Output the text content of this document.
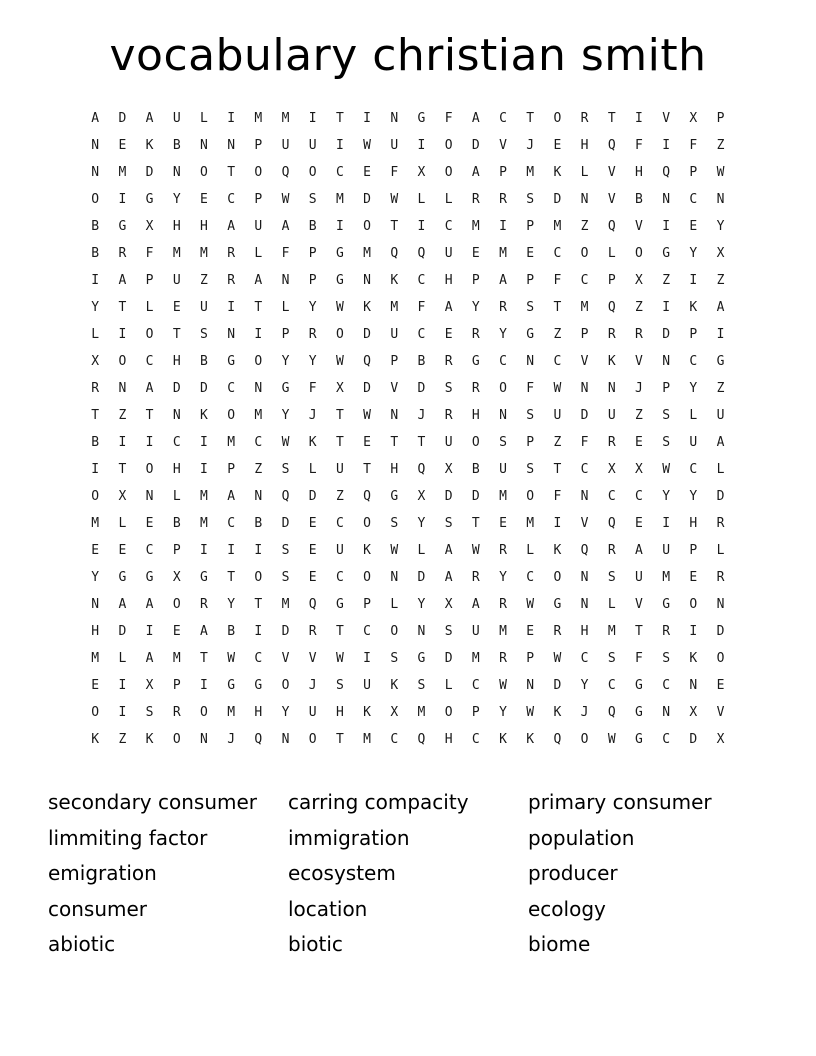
vocabulary christian smith
A	D	A	U	L	I	M	M	I	T	I	N	G	F	A	C	T	O	R	T	I	V	X	P
N	E	K	B	N	N	P	U	U	I	W	U	I	O	D	V	J	E	H	Q	F	I	F	Z
N	M	D	N	O	T	O	Q	O	C	E	F	X	O	A	P	M	K	L	V	H	Q	P	W
O	I	G	Y	E	C	P	W	S	M	D	W	L	L	R	R	S	D	N	V	B	N	C	N
B	G	X	H	H	A	U	A	B	I	O	T	I	C	M	I	P	M	Z	Q	V	I	E	Y
B	R	F	M	M	R	L	F	P	G	M	Q	Q	U	E	M	E	C	O	L	O	G	Y	X
I	A	P	U	Z	R	A	N	P	G	N	K	C	H	P	A	P	F	C	P	X	Z	I	Z
Y	T	L	E	U	I	T	L	Y	W	K	M	F	A	Y	R	S	T	M	Q	Z	I	K	A
L	I	O	T	S	N	I	P	R	O	D	U	C	E	R	Y	G	Z	P	R	R	D	P	I
X	O	C	H	B	G	O	Y	Y	W	Q	P	B	R	G	C	N	C	V	K	V	N	C	G
R	N	A	D	D	C	N	G	F	X	D	V	D	S	R	O	F	W	N	N	J	P	Y	Z
T	Z	T	N	K	O	M	Y	J	T	W	N	J	R	H	N	S	U	D	U	Z	S	L	U
B	I	I	C	I	M	C	W	K	T	E	T	T	U	O	S	P	Z	F	R	E	S	U	A
I	T	O	H	I	P	Z	S	L	U	T	H	Q	X	B	U	S	T	C	X	X	W	C	L
O	X	N	L	M	A	N	Q	D	Z	Q	G	X	D	D	M	O	F	N	C	C	Y	Y	D
M	L	E	B	M	C	B	D	E	C	O	S	Y	S	T	E	M	I	V	Q	E	I	H	R
E	E	C	P	I	I	I	S	E	U	K	W	L	A	W	R	L	K	Q	R	A	U	P	L
Y	G	G	X	G	T	O	S	E	C	O	N	D	A	R	Y	C	O	N	S	U	M	E	R
N	A	A	O	R	Y	T	M	Q	G	P	L	Y	X	A	R	W	G	N	L	V	G	O	N
H	D	I	E	A	B	I	D	R	T	C	O	N	S	U	M	E	R	H	M	T	R	I	D
M	L	A	M	T	W	C	V	V	W	I	S	G	D	M	R	P	W	C	S	F	S	K	O
E	I	X	P	I	G	G	O	J	S	U	K	S	L	C	W	N	D	Y	C	G	C	N	E
O	I	S	R	O	M	H	Y	U	H	K	X	M	O	P	Y	W	K	J	Q	G	N	X	V
K	Z	K	O	N	J	Q	N	O	T	M	C	Q	H	C	K	K	Q	O	W	G	C	D	X
secondary consumer
limmiting factor
emigration
consumer
abiotic
carring compacity
immigration
ecosystem
location
biotic
primary consumer
population
producer
ecology
biome
